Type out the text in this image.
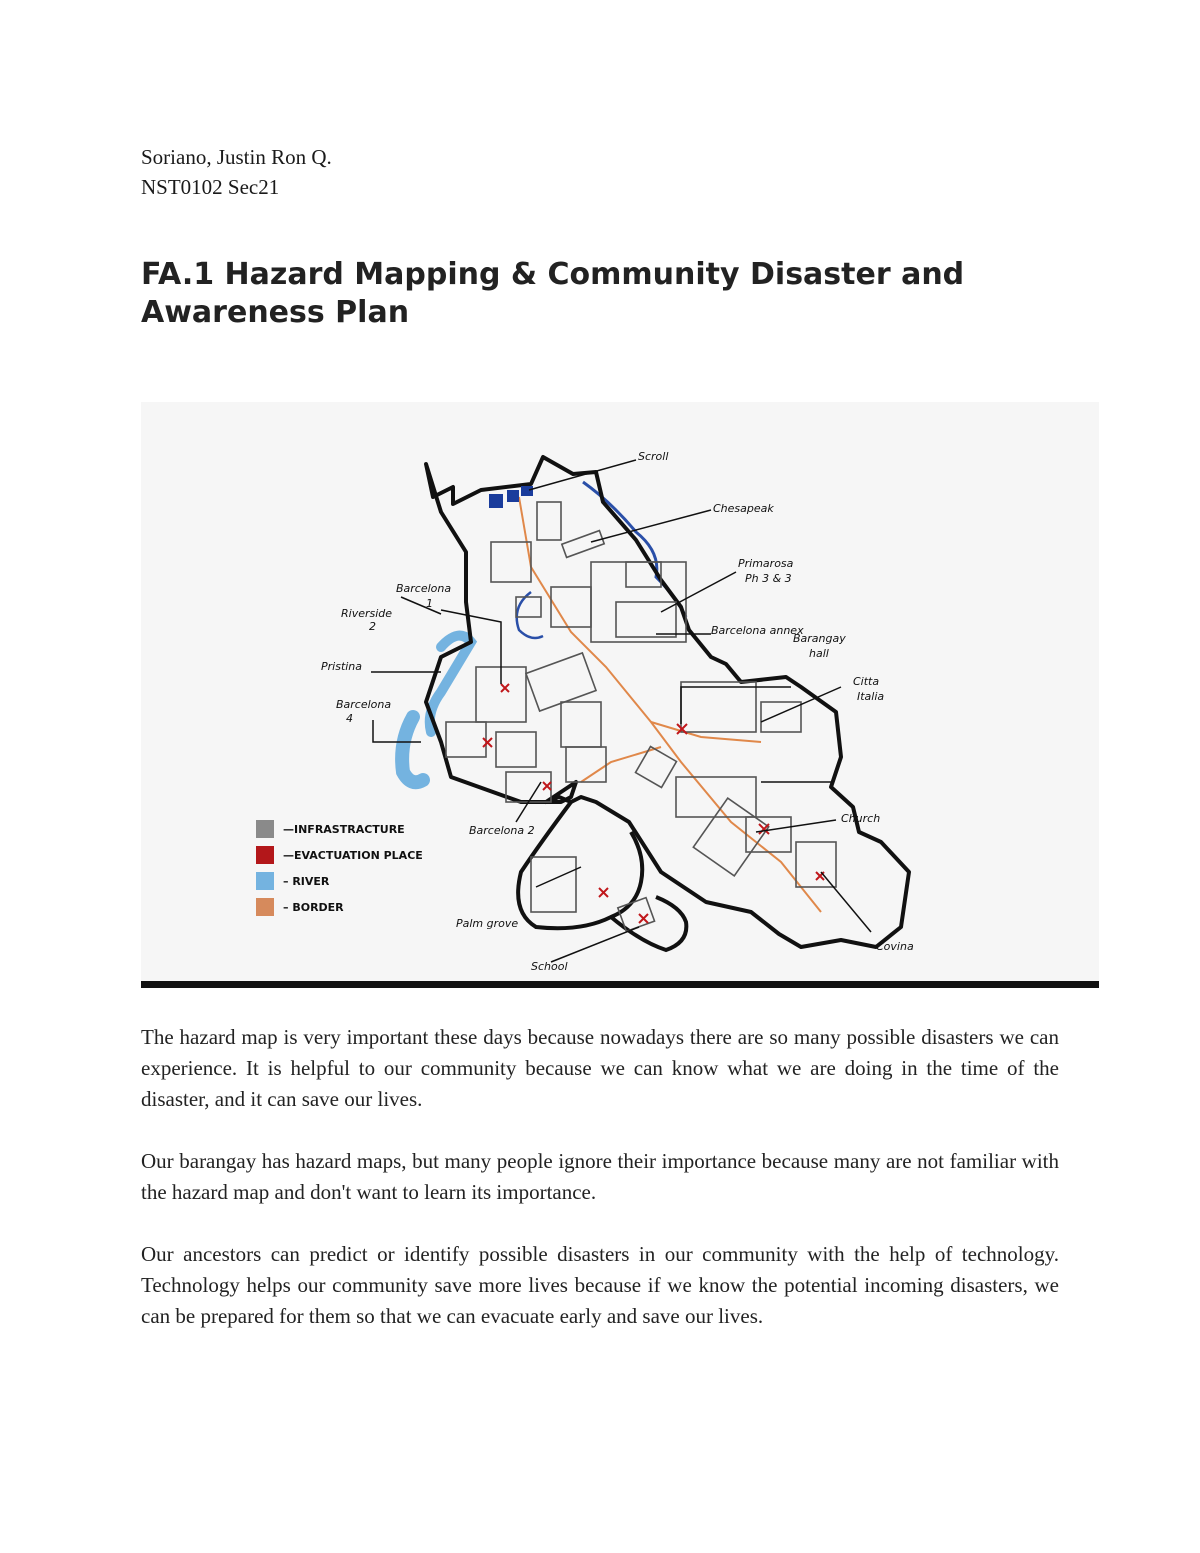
Soriano, Justin Ron Q.
NST0102 Sec21
FA.1 Hazard Mapping & Community Disaster and Awareness Plan
Scroll
Chesapeak
Primarosa
Ph 3 & 3
Barcelona annex
Barangay
hall
Citta
Italia
Barcelona
1
Riverside
2
Pristina
Barcelona
4
Barcelona 2
Church
Palm grove
School
Covina
—INFRASTRACTURE
—EVACTUATION PLACE
– RIVER
– BORDER

The hazard map is very important these days because nowadays there are so many possible disasters we can experience. It is helpful to our community because we can know what we are doing in the time of the disaster, and it can save our lives.

Our barangay has hazard maps, but many people ignore their importance because many are not familiar with the hazard map and don't want to learn its importance.

Our ancestors can predict or identify possible disasters in our community with the help of technology. Technology helps our community save more lives because if we know the potential incoming disasters, we can be prepared for them so that we can evacuate early and save our lives.
